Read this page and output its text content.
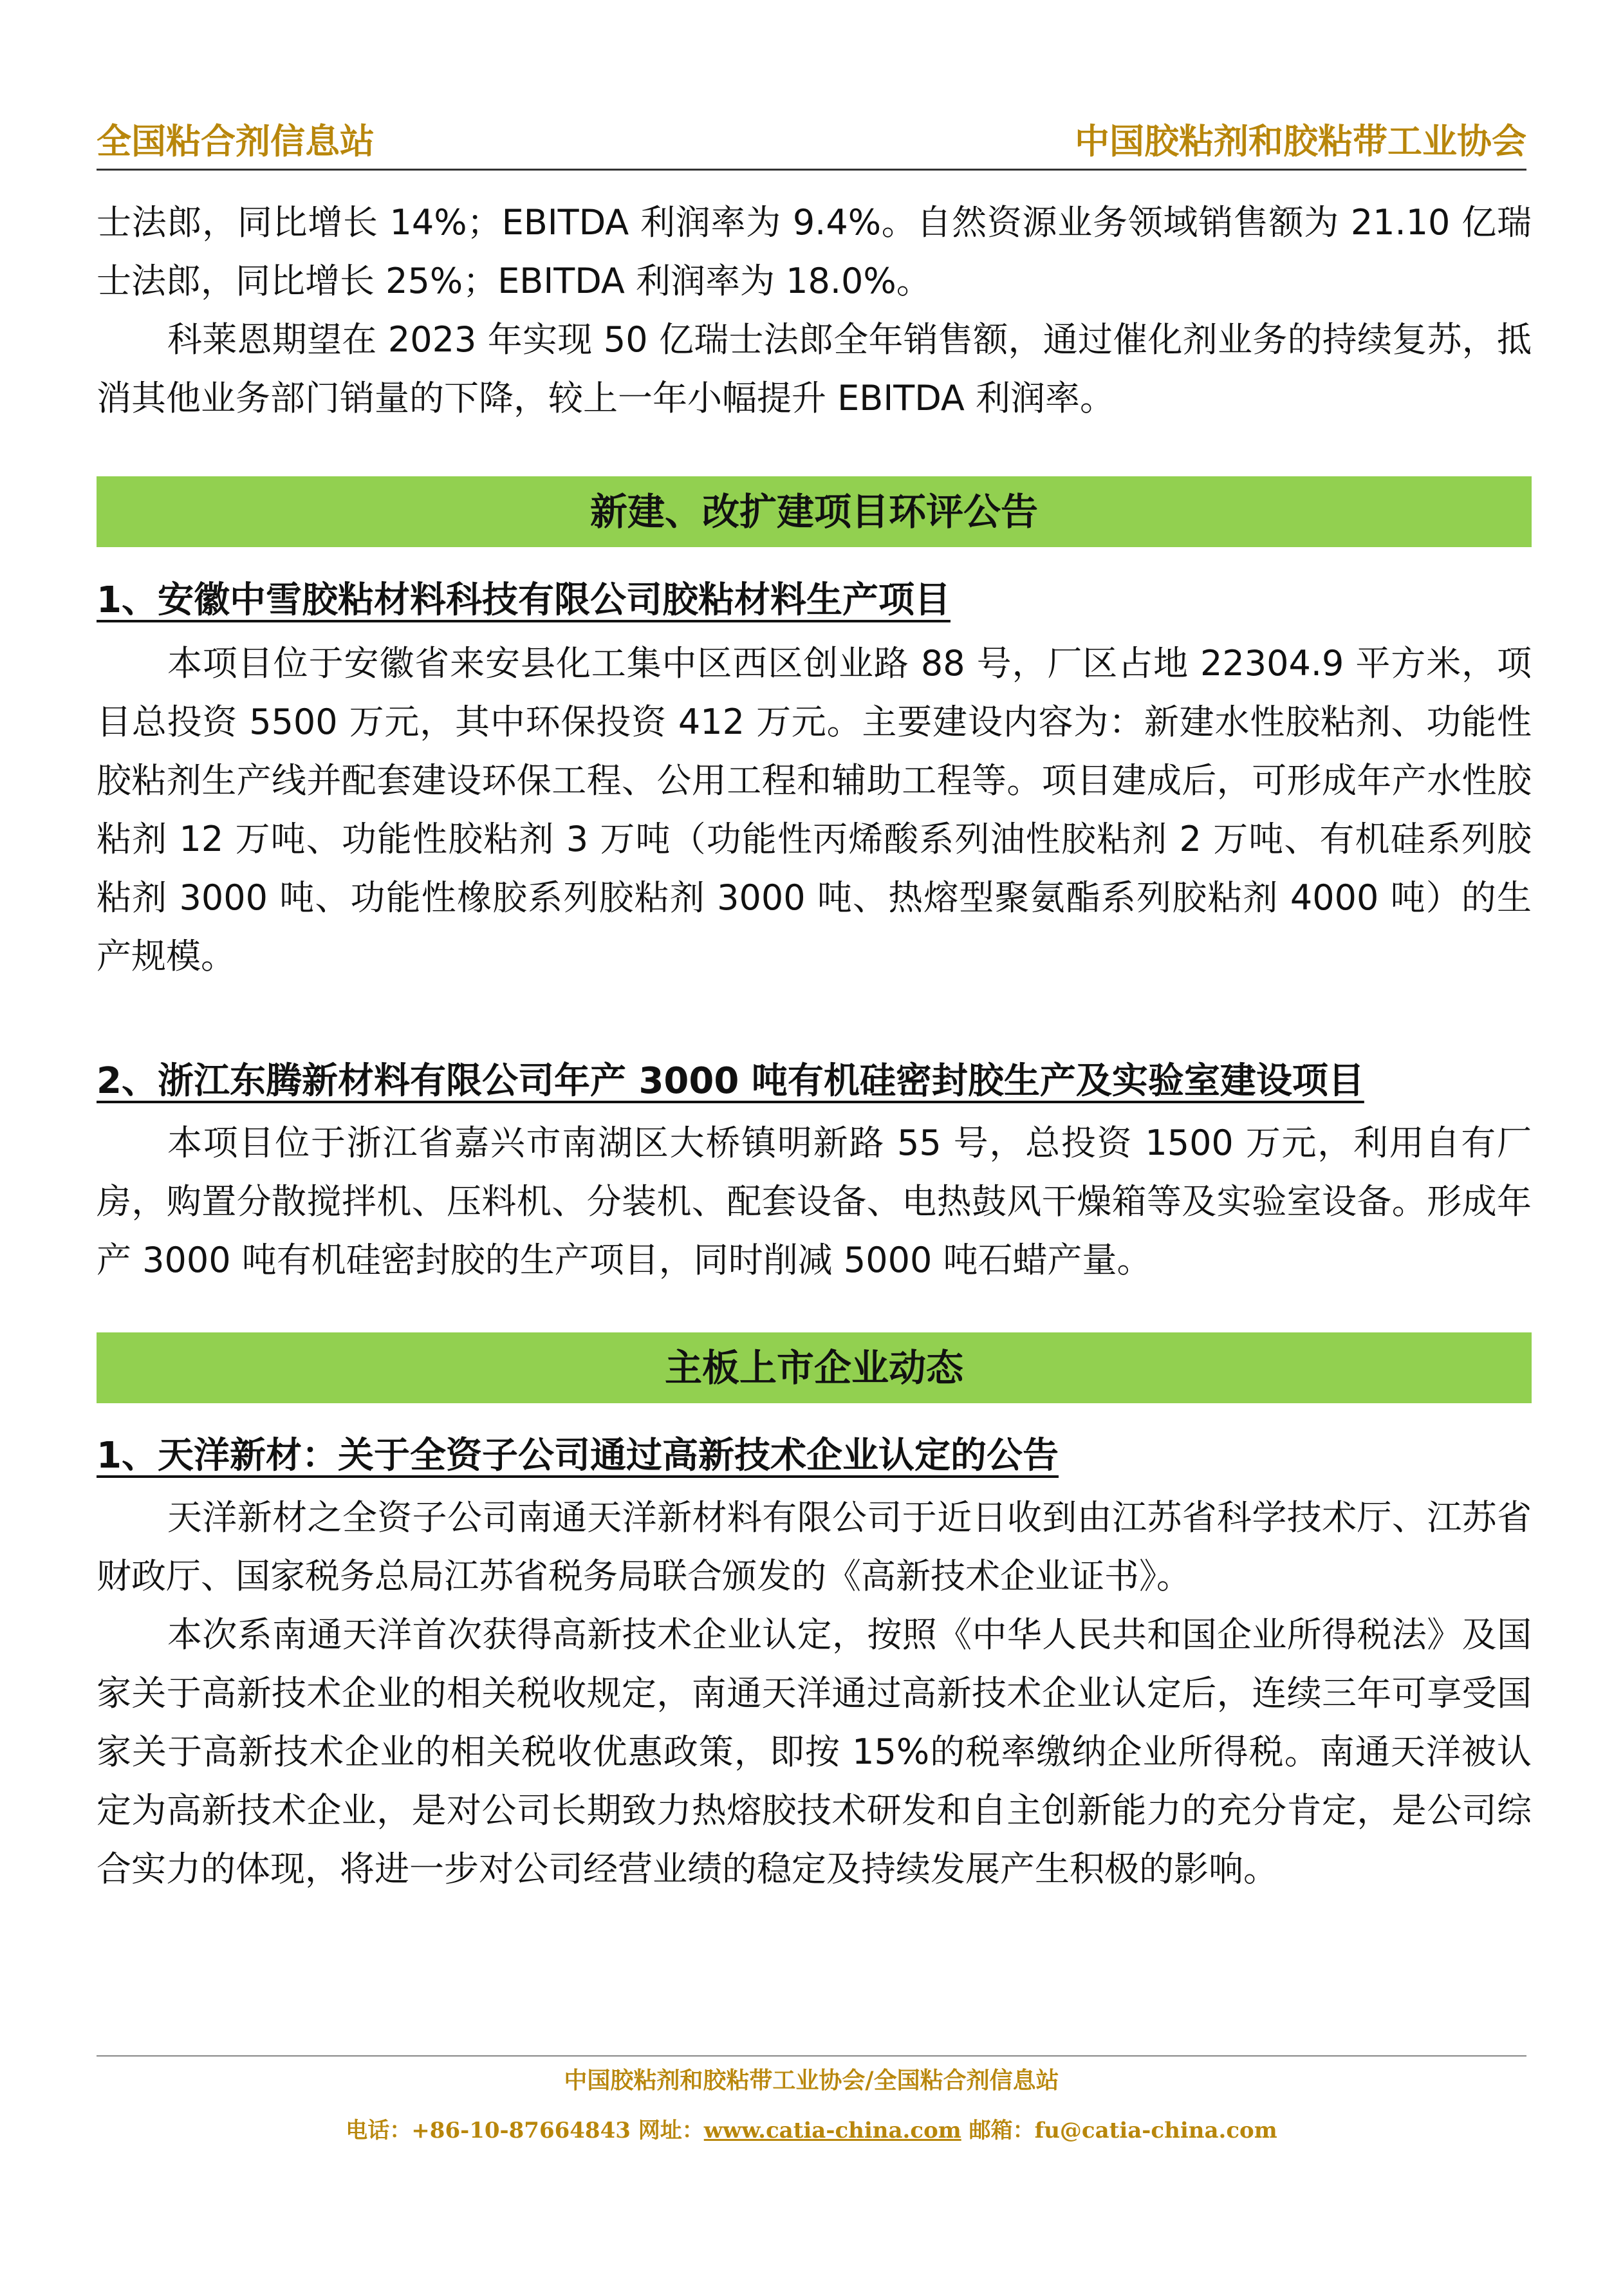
全国粘合剂信息站	中国胶粘剂和胶粘带工业协会

士法郎，同比增长 14%；EBITDA 利润率为 9.4%。自然资源业务领域销售额为 21.10 亿瑞士法郎，同比增长 25%；EBITDA 利润率为 18.0%。

科莱恩期望在 2023 年实现 50 亿瑞士法郎全年销售额，通过催化剂业务的持续复苏，抵消其他业务部门销量的下降，较上一年小幅提升 EBITDA 利润率。

新建、改扩建项目环评公告
1、安徽中雪胶粘材料科技有限公司胶粘材料生产项目

本项目位于安徽省来安县化工集中区西区创业路 88 号，厂区占地 22304.9 平方米，项目总投资 5500 万元，其中环保投资 412 万元。主要建设内容为：新建水性胶粘剂、功能性胶粘剂生产线并配套建设环保工程、公用工程和辅助工程等。项目建成后，可形成年产水性胶粘剂 12 万吨、功能性胶粘剂 3 万吨（功能性丙烯酸系列油性胶粘剂 2 万吨、有机硅系列胶粘剂 3000 吨、功能性橡胶系列胶粘剂 3000 吨、热熔型聚氨酯系列胶粘剂 4000 吨）的生产规模。

2、浙江东腾新材料有限公司年产 3000 吨有机硅密封胶生产及实验室建设项目

本项目位于浙江省嘉兴市南湖区大桥镇明新路 55 号，总投资 1500 万元，利用自有厂房，购置分散搅拌机、压料机、分装机、配套设备、电热鼓风干燥箱等及实验室设备。形成年产 3000 吨有机硅密封胶的生产项目，同时削减 5000 吨石蜡产量。

主板上市企业动态
1、天洋新材：关于全资子公司通过高新技术企业认定的公告

天洋新材之全资子公司南通天洋新材料有限公司于近日收到由江苏省科学技术厅、江苏省财政厅、国家税务总局江苏省税务局联合颁发的《高新技术企业证书》。

本次系南通天洋首次获得高新技术企业认定，按照《中华人民共和国企业所得税法》及国家关于高新技术企业的相关税收规定，南通天洋通过高新技术企业认定后，连续三年可享受国家关于高新技术企业的相关税收优惠政策，即按 15%的税率缴纳企业所得税。南通天洋被认定为高新技术企业，是对公司长期致力热熔胶技术研发和自主创新能力的充分肯定，是公司综合实力的体现，将进一步对公司经营业绩的稳定及持续发展产生积极的影响。

中国胶粘剂和胶粘带工业协会/全国粘合剂信息站
电话：+86-10-87664843 网址：www.catia-china.com 邮箱：fu@catia-china.com
